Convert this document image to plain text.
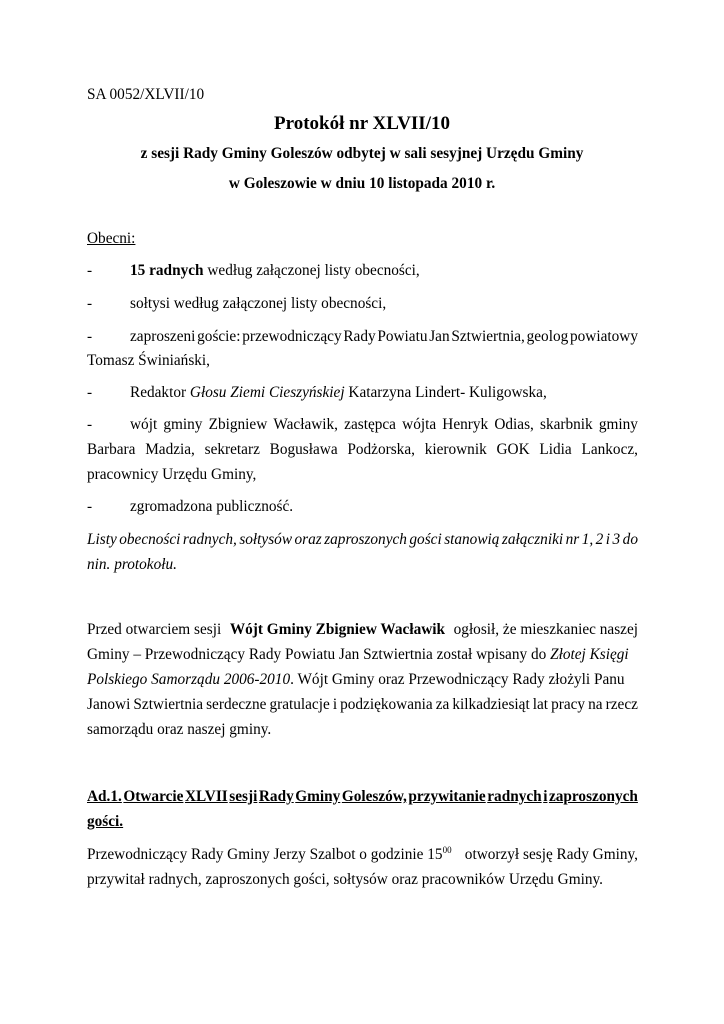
SA 0052/XLVII/10
Protokół nr XLVII/10
z sesji Rady Gminy Goleszów odbytej w sali sesyjnej Urzędu Gminy
w Goleszowie w dniu 10 listopada 2010 r.
Obecni:
- 15 radnych według załączonej listy obecności,
- sołtysi według załączonej listy obecności,
- zaproszeni goście: przewodniczący Rady Powiatu Jan Sztwiertnia, geolog powiatowy
Tomasz Świniański,
- Redaktor Głosu Ziemi Cieszyńskiej Katarzyna Lindert- Kuligowska,
- wójt gminy Zbigniew Wacławik, zastępca wójta Henryk Odias, skarbnik gminy
Barbara Madzia, sekretarz Bogusława Podżorska, kierownik GOK Lidia Lankocz,
pracownicy Urzędu Gminy,
- zgromadzona publiczność.
Listy obecności radnych, sołtysów oraz zaproszonych gości stanowią załączniki nr 1, 2 i 3 do
nin. protokołu.
Przed otwarciem sesji Wójt Gminy Zbigniew Wacławik ogłosił, że mieszkaniec naszej
Gminy – Przewodniczący Rady Powiatu Jan Sztwiertnia został wpisany do Złotej Księgi
Polskiego Samorządu 2006-2010. Wójt Gminy oraz Przewodniczący Rady złożyli Panu
Janowi Sztwiertnia serdeczne gratulacje i podziękowania za kilkadziesiąt lat pracy na rzecz
samorządu oraz naszej gminy.
Ad.1. Otwarcie XLVII sesji Rady Gminy Goleszów, przywitanie radnych i zaproszonych
gości.
Przewodniczący Rady Gminy Jerzy Szalbot o godzinie $15^{00}$ otworzył sesję Rady Gminy,
przywitał radnych, zaproszonych gości, sołtysów oraz pracowników Urzędu Gminy.
